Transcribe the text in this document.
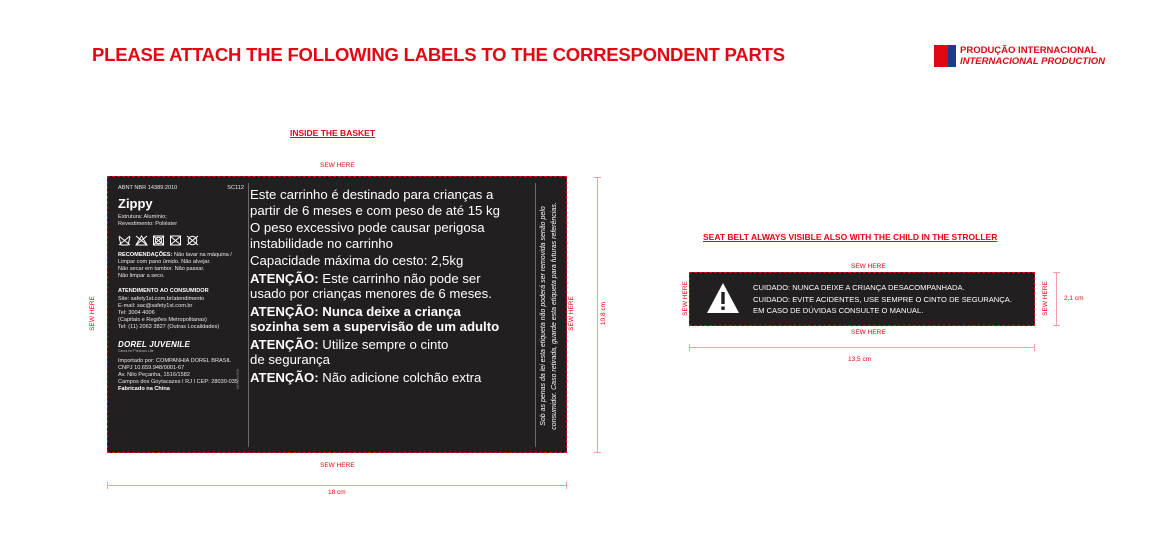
PLEASE ATTACH THE FOLLOWING LABELS TO THE CORRESPONDENT PARTS	PRODUÇÃO INTERNACIONAL
INTERNACIONAL PRODUCTION
INSIDE THE BASKET
SEW HERE
SEW HERE
SEW HERE	SEW HERE	10,8 cm
18 cm
ABNT NBR 14389:2010	SC112
Zippy
Estrutura: Alumínio;
Revestimento: Poliéster
RECOMENDAÇÕES: Não lavar na máquina /
Limpar com pano úmido. Não alvejar.
Não secar em tambor. Não passar.
Não limpar a seco.
ATENDIMENTO AO CONSUMIDOR
Site: safety1st.com.br/atendimento
E-mail: sac@safety1st.com.br
Tel: 3004 4006
(Capitais e Regiões Metropolitanas)
Tel: (11) 2063 3827 (Outras Localidades)
DOREL JUVENILE
Cares for Precious Life
Importado por: COMPANHIA DOREL BRASIL
CNPJ 10.659.948/0001-67
Av. Nilo Peçanha, 1516/1582
Campos dos Goytacazes I RJ I CEP: 28030-035
Fabricado na China
DE9024 R36
Este carrinho é destinado para crianças a
partir de 6 meses e com peso de até 15 kg
O peso excessivo pode causar perigosa
instabilidade no carrinho
Capacidade máxima do cesto: 2,5kg
ATENÇÃO: Este carrinho não pode ser
usado por crianças menores de 6 meses.
ATENÇÃO: Nunca deixe a criança
sozinha sem a supervisão de um adulto
ATENÇÃO: Utilize sempre o cinto
de segurança
ATENÇÃO: Não adicione colchão extra	Sob as penas da lei esta etiqueta não poderá ser removida senão pelo consumidor. Caso retirada, guarde esta etiqueta para futuras referências.	SEAT BELT ALWAYS VISIBLE ALSO WITH THE CHILD IN THE STROLLER
SEW HERE
SEW HERE
SEW HERE	SEW HERE 2,1 cm
13,5 cm
CUIDADO: NUNCA DEIXE A CRIANÇA DESACOMPANHADA.
CUIDADO: EVITE ACIDENTES, USE SEMPRE O CINTO DE SEGURANÇA.
EM CASO DE DÚVIDAS CONSULTE O MANUAL.
